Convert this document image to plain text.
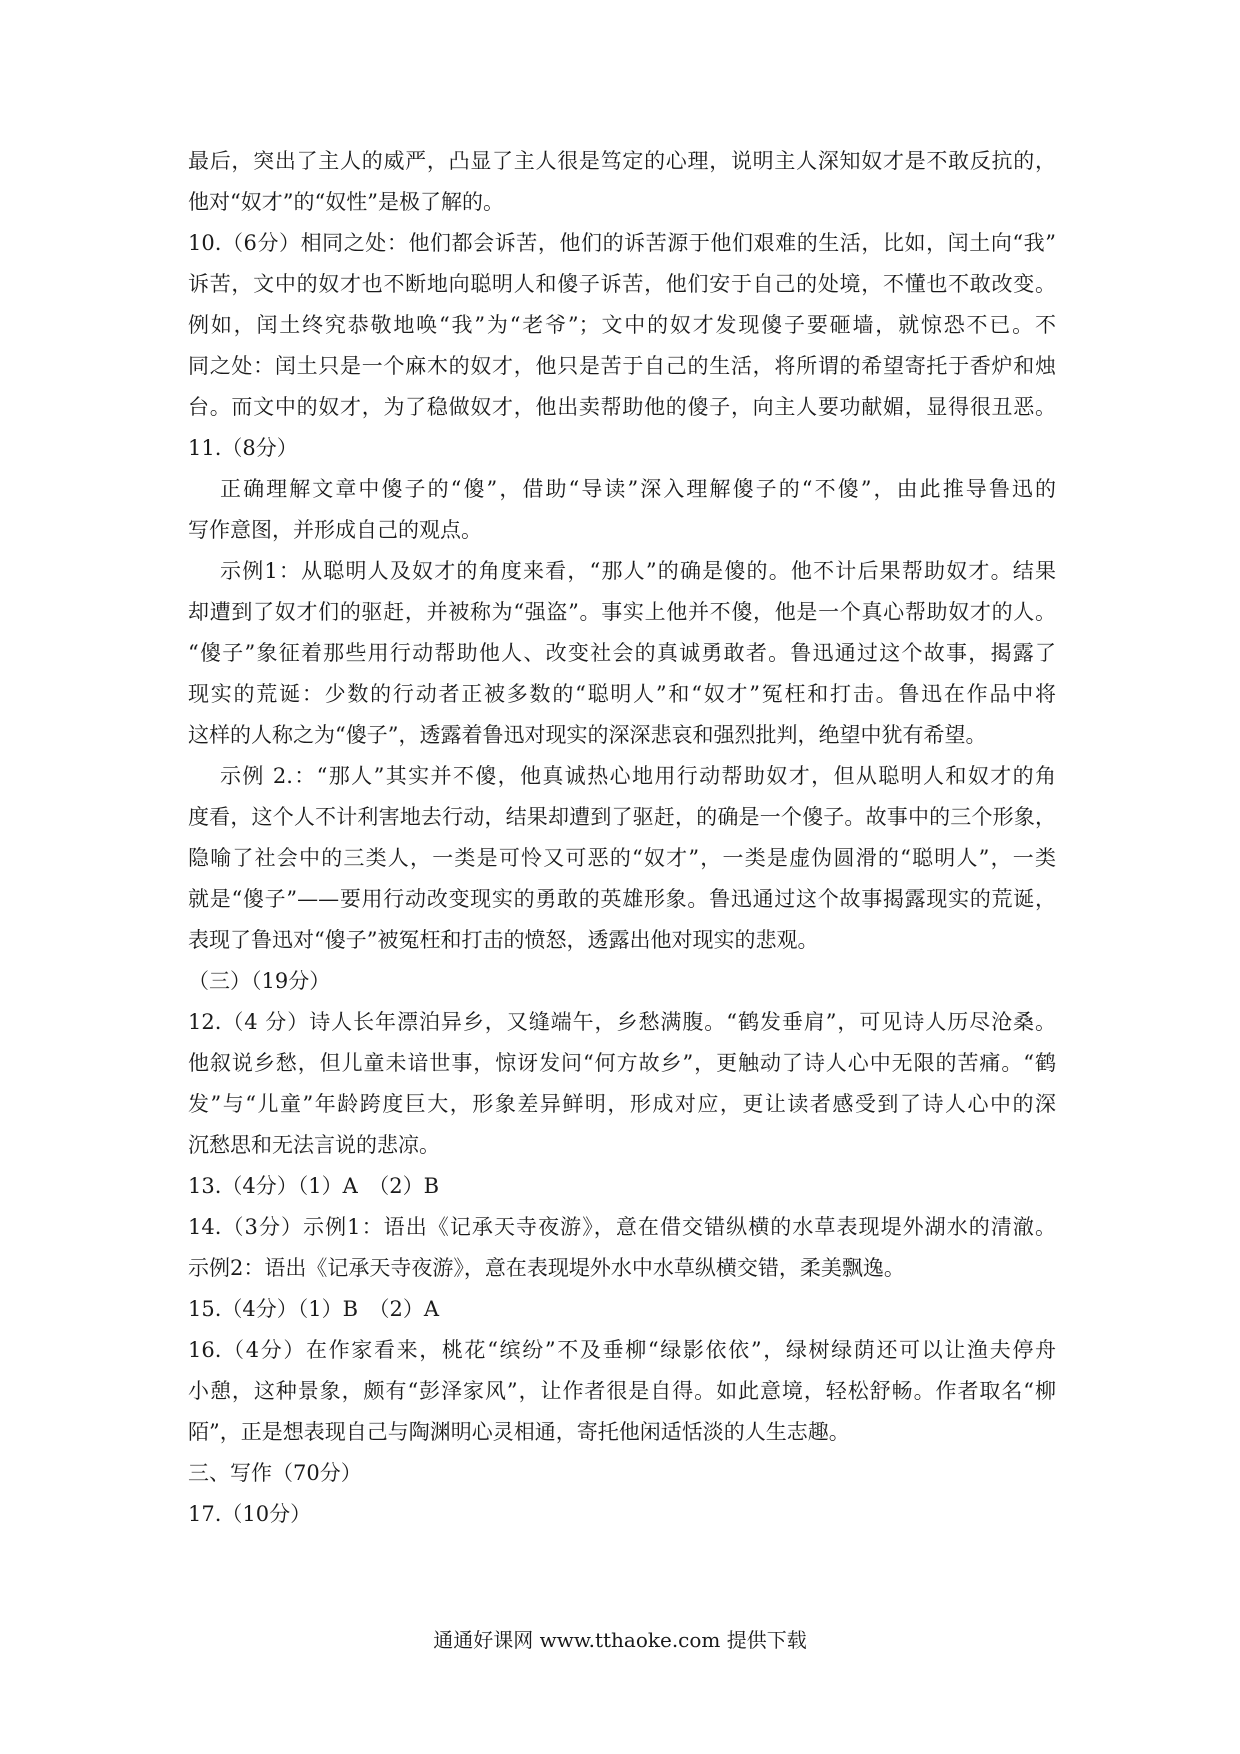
最后，突出了主人的威严，凸显了主人很是笃定的心理，说明主人深知奴才是不敢反抗的，
他对“奴才”的“奴性”是极了解的。
10.（6分）相同之处：他们都会诉苦，他们的诉苦源于他们艰难的生活，比如，闰土向“我”
诉苦，文中的奴才也不断地向聪明人和傻子诉苦，他们安于自己的处境，不懂也不敢改变。
例如，闰土终究恭敬地唤“我”为“老爷”；文中的奴才发现傻子要砸墙，就惊恐不已。不
同之处：闰土只是一个麻木的奴才，他只是苦于自己的生活，将所谓的希望寄托于香炉和烛
台。而文中的奴才，为了稳做奴才，他出卖帮助他的傻子，向主人要功献媚，显得很丑恶。
11.（8分）
正确理解文章中傻子的“傻”，借助“导读”深入理解傻子的“不傻”，由此推导鲁迅的
写作意图，并形成自己的观点。
示例1：从聪明人及奴才的角度来看，“那人”的确是傻的。他不计后果帮助奴才。结果
却遭到了奴才们的驱赶，并被称为“强盗”。事实上他并不傻，他是一个真心帮助奴才的人。
“傻子”象征着那些用行动帮助他人、改变社会的真诚勇敢者。鲁迅通过这个故事，揭露了
现实的荒诞：少数的行动者正被多数的“聪明人”和“奴才”冤枉和打击。鲁迅在作品中将
这样的人称之为“傻子”，透露着鲁迅对现实的深深悲哀和强烈批判，绝望中犹有希望。
示例 2.：“那人”其实并不傻，他真诚热心地用行动帮助奴才，但从聪明人和奴才的角
度看，这个人不计利害地去行动，结果却遭到了驱赶，的确是一个傻子。故事中的三个形象，
隐喻了社会中的三类人，一类是可怜又可恶的“奴才”，一类是虚伪圆滑的“聪明人”，一类
就是“傻子”——要用行动改变现实的勇敢的英雄形象。鲁迅通过这个故事揭露现实的荒诞，
表现了鲁迅对“傻子”被冤枉和打击的愤怒，透露出他对现实的悲观。
（三）（19分）
12.（4 分）诗人长年漂泊异乡，又缝端午，乡愁满腹。“鹤发垂肩”，可见诗人历尽沧桑。
他叙说乡愁，但儿童未谙世事，惊讶发问“何方故乡”，更触动了诗人心中无限的苦痛。“鹤
发”与“儿童”年龄跨度巨大，形象差异鲜明，形成对应，更让读者感受到了诗人心中的深
沉愁思和无法言说的悲凉。
13.（4分）（1）A　（2）B
14.（3分）示例1：语出《记承天寺夜游》，意在借交错纵横的水草表现堤外湖水的清澈。
示例2：语出《记承天寺夜游》，意在表现堤外水中水草纵横交错，柔美飘逸。
15.（4分）（1）B　（2）A
16.（4分）在作家看来，桃花“缤纷”不及垂柳“绿影依依”，绿树绿荫还可以让渔夫停舟
小憩，这种景象，颇有“彭泽家风”，让作者很是自得。如此意境，轻松舒畅。作者取名“柳
陌”，正是想表现自己与陶渊明心灵相通，寄托他闲适恬淡的人生志趣。
三、写作（70分）
17.（10分）
通通好课网 www.tthaoke.com 提供下载
